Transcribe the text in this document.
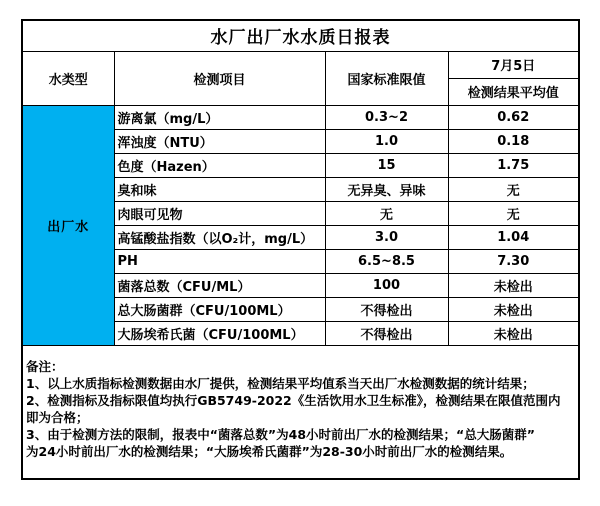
水厂出厂水水质日报表			
水类型	检测项目	国家标准限值	7月5日
			检测结果平均值
出厂水	游离氯（mg/L）	0.3~2	0.62
	浑浊度（NTU）	1.0	0.18
	色度（Hazen）	15	1.75
	臭和味	无异臭、异味	无
	肉眼可见物	无	无
	高锰酸盐指数（以O₂计，mg/L）	3.0	1.04
	PH	6.5~8.5	7.30
	菌落总数（CFU/ML）	100	未检出
	总大肠菌群（CFU/100ML）	不得检出	未检出
	大肠埃希氏菌（CFU/100ML）	不得检出	未检出

备注：
1、以上水质指标检测数据由水厂提供，检测结果平均值系当天出厂水检测数据的统计结果；
2、检测指标及指标限值均执行GB5749-2022《生活饮用水卫生标准》，检测结果在限值范围内
即为合格；
3、由于检测方法的限制，报表中“菌落总数”为48小时前出厂水的检测结果；“总大肠菌群”
为24小时前出厂水的检测结果；“大肠埃希氏菌群”为28-30小时前出厂水的检测结果。
